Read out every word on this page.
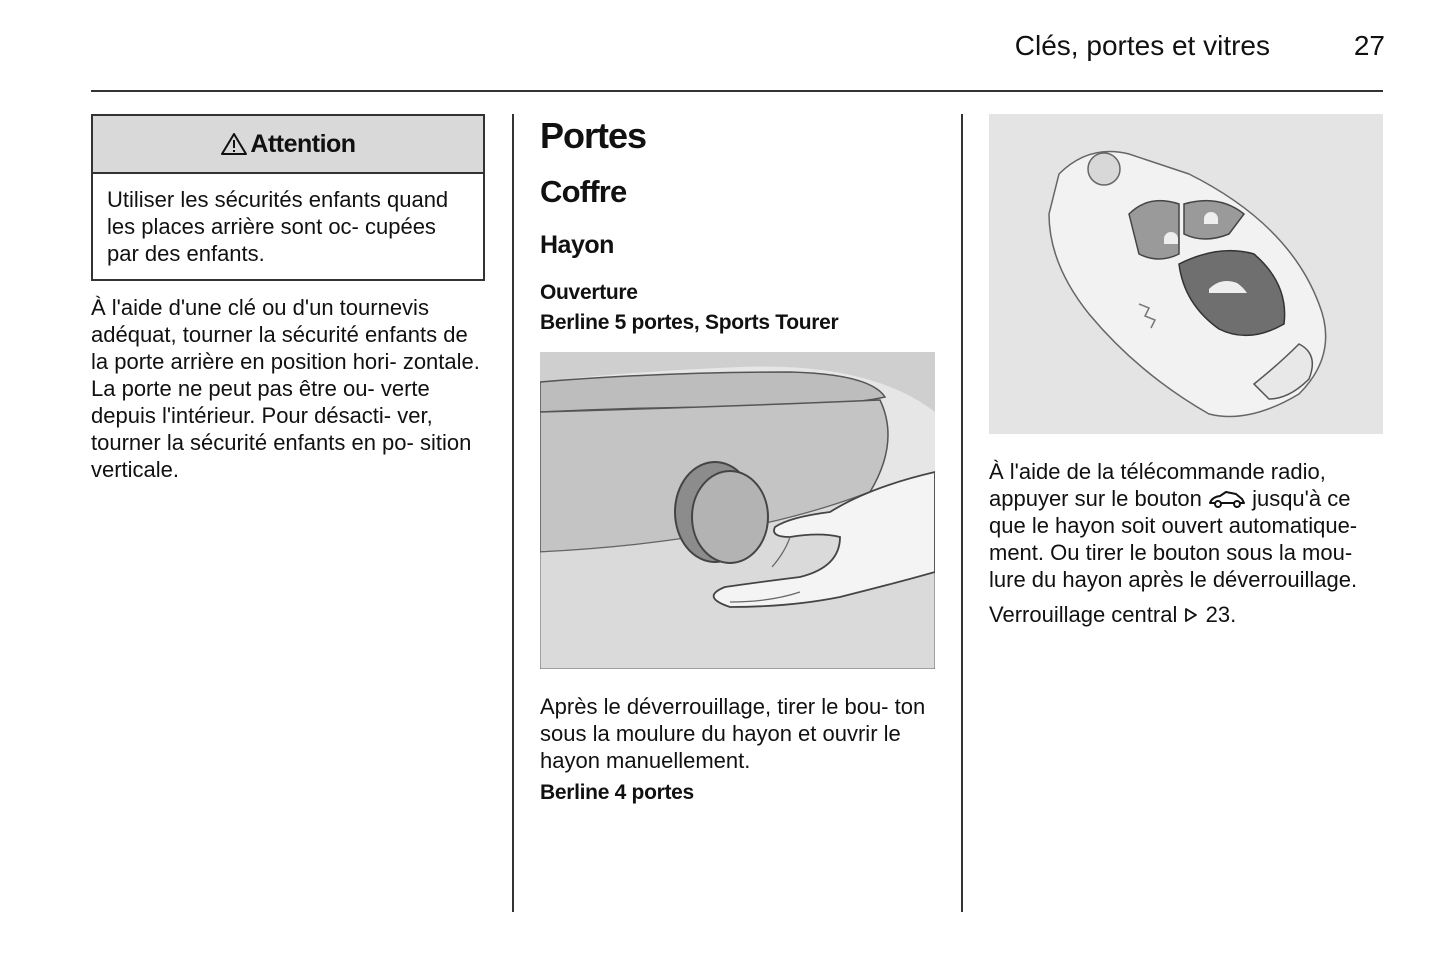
Clés, portes et vitres	27
Attention
Utiliser les sécurités enfants quand les places arrière sont oc- cupées par des enfants.
À l'aide d'une clé ou d'un tournevis adéquat, tourner la sécurité enfants de la porte arrière en position hori- zontale. La porte ne peut pas être ou- verte depuis l'intérieur. Pour désacti- ver, tourner la sécurité enfants en po- sition verticale.
Portes
Coffre
Hayon
Ouverture
Berline 5 portes, Sports Tourer
Après le déverrouillage, tirer le bou- ton sous la moulure du hayon et ouvrir le hayon manuellement.
Berline 4 portes
À l'aide de la télécommande radio, appuyer sur le bouton jusqu'à ce que le hayon soit ouvert automatique- ment. Ou tirer le bouton sous la mou- lure du hayon après le déverrouillage.
Verrouillage central 23.
